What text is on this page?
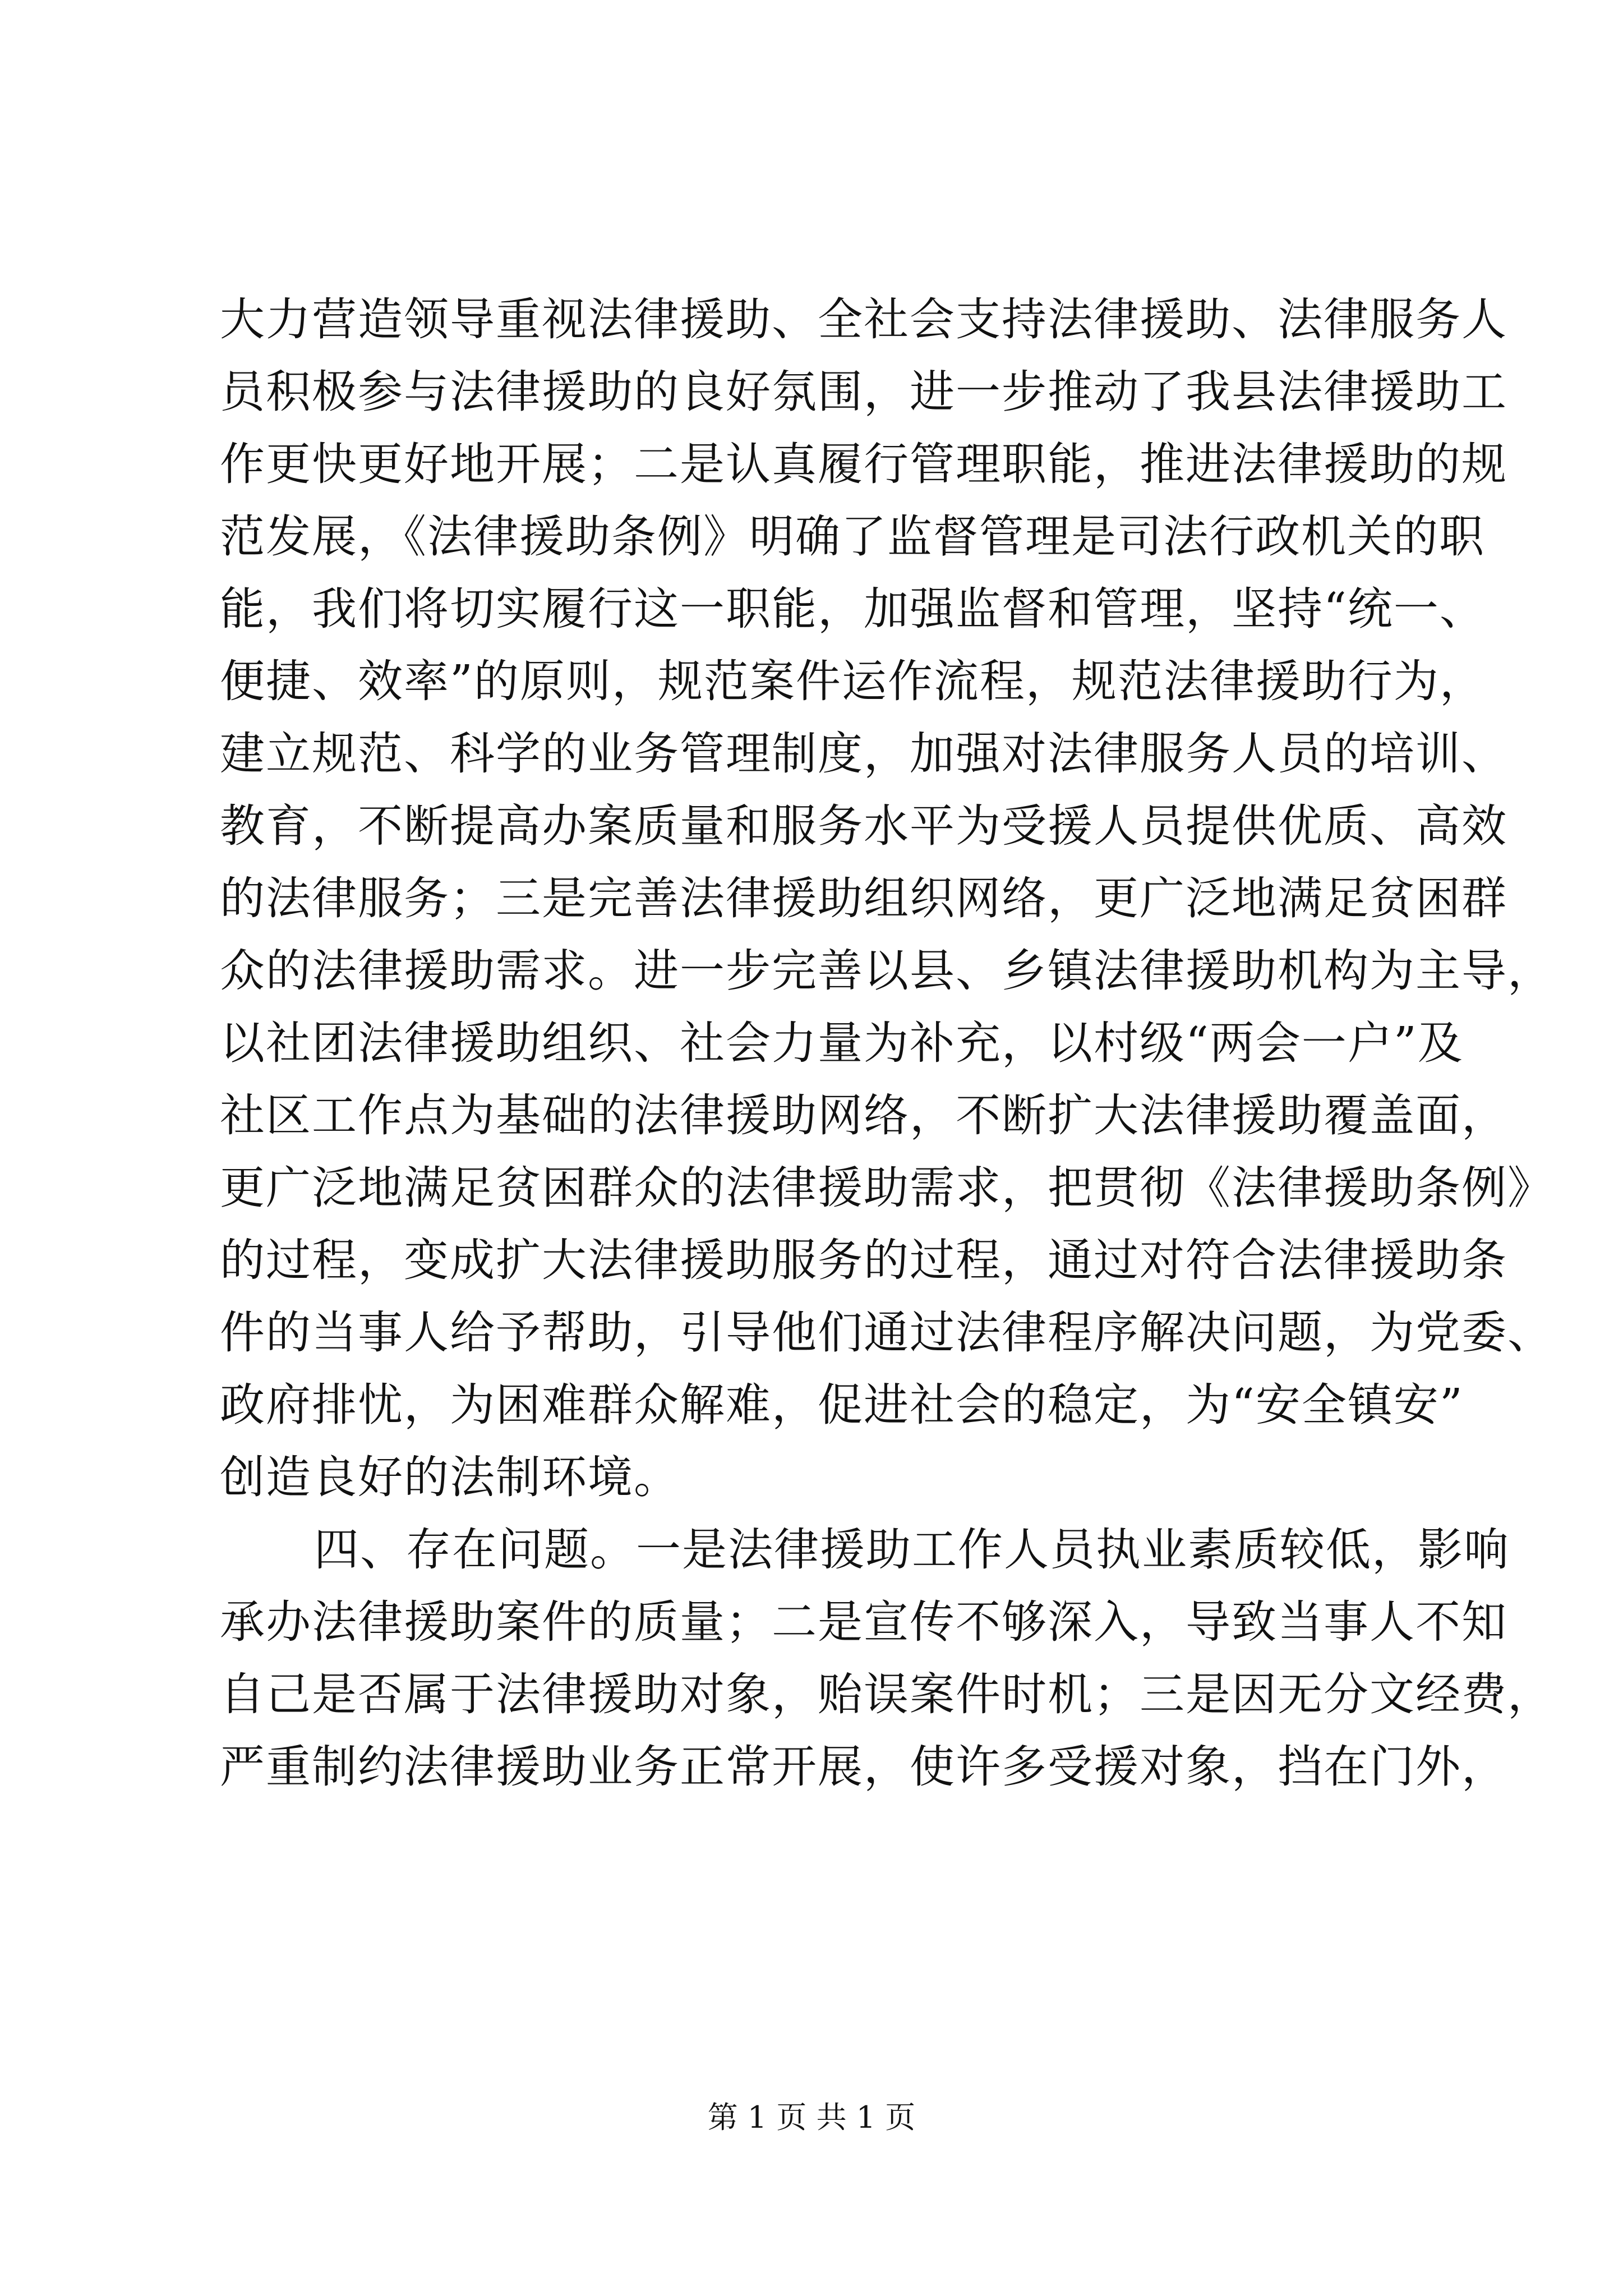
大力营造领导重视法律援助、全社会支持法律援助、法律服务人
员积极参与法律援助的良好氛围，进一步推动了我县法律援助工
作更快更好地开展；二是认真履行管理职能，推进法律援助的规
范发展，《法律援助条例》明确了监督管理是司法行政机关的职
能，我们将切实履行这一职能，加强监督和管理，坚持“统一、
便捷、效率”的原则，规范案件运作流程，规范法律援助行为，
建立规范、科学的业务管理制度，加强对法律服务人员的培训、
教育，不断提高办案质量和服务水平为受援人员提供优质、高效
的法律服务；三是完善法律援助组织网络，更广泛地满足贫困群
众的法律援助需求。进一步完善以县、乡镇法律援助机构为主导，
以社团法律援助组织、社会力量为补充，以村级“两会一户”及
社区工作点为基础的法律援助网络，不断扩大法律援助覆盖面，
更广泛地满足贫困群众的法律援助需求，把贯彻《法律援助条例》
的过程，变成扩大法律援助服务的过程，通过对符合法律援助条
件的当事人给予帮助，引导他们通过法律程序解决问题，为党委、
政府排忧，为困难群众解难，促进社会的稳定，为“安全镇安”
创造良好的法制环境。
四、存在问题。一是法律援助工作人员执业素质较低，影响
承办法律援助案件的质量；二是宣传不够深入，导致当事人不知
自己是否属于法律援助对象，贻误案件时机；三是因无分文经费，
严重制约法律援助业务正常开展，使许多受援对象，挡在门外，
第 1 页 共 1 页
